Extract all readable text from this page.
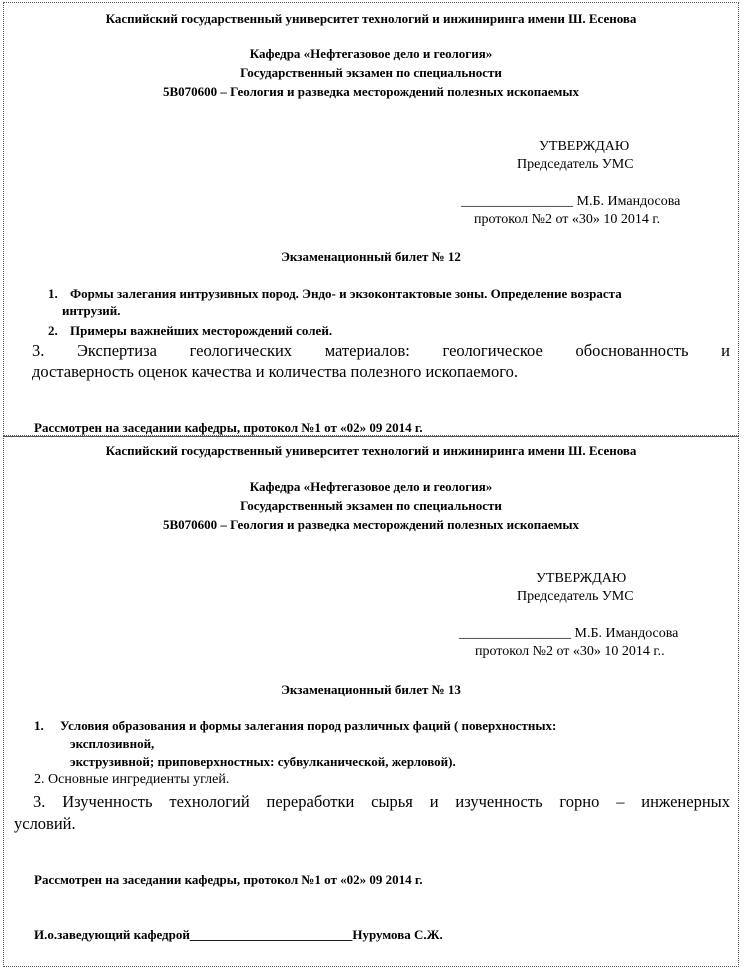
Каспийский государственный университет технологий и инжиниринга имени Ш. Есенова
Кафедра «Нефтегазовое дело и геология»
Государственный экзамен по специальности
5В070600 – Геология и разведка месторождений полезных ископаемых
УТВЕРЖДАЮ
Председатель УМС
________________ М.Б. Имандосова
протокол №2 от «30» 10 2014 г.
Экзаменационный билет № 12
1. Формы залегания интрузивных пород. Эндо- и экзоконтактовые зоны. Определение возраста
интрузий.
2. Примеры важнейших месторождений солей.
3. Экспертиза геологических материалов: геологическое обоснованность и
доставерность оценок качества и количества полезного ископаемого.
Рассмотрен на заседании кафедры, протокол №1 от «02» 09 2014 г.
Каспийский государственный университет технологий и инжиниринга имени Ш. Есенова
Кафедра «Нефтегазовое дело и геология»
Государственный экзамен по специальности
5В070600 – Геология и разведка месторождений полезных ископаемых
УТВЕРЖДАЮ
Председатель УМС
________________ М.Б. Имандосова
протокол №2 от «30» 10 2014 г..
Экзаменационный билет № 13
1. Условия образования и формы залегания пород различных фаций ( поверхностных:
эксплозивной,
экструзивной; приповерхностных: субвулканической, жерловой).
2. Основные ингредиенты углей.
3. Изученность технологий переработки сырья и изученность горно – инженерных
условий.
Рассмотрен на заседании кафедры, протокол №1 от «02» 09 2014 г.
И.о.заведующий кафедрой_________________________Нурумова С.Ж.
